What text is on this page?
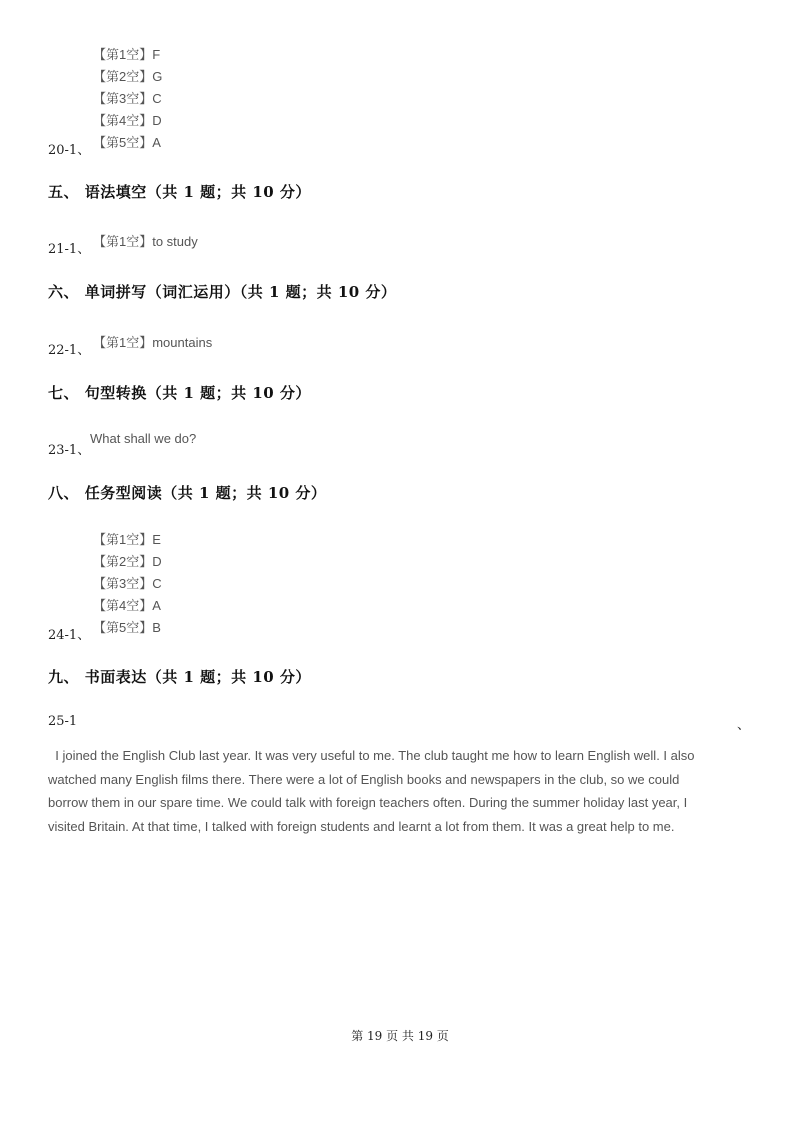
【第1空】F
【第2空】G
【第3空】C
【第4空】D
20-1、
【第5空】A
五、 语法填空（共 1 题；共 10 分）
21-1、
【第1空】to study
六、 单词拼写（词汇运用）（共 1 题；共 10 分）
22-1、
【第1空】mountains
七、 句型转换（共 1 题；共 10 分）
23-1、
What shall we do?
八、 任务型阅读（共 1 题；共 10 分）
【第1空】E
【第2空】D
【第3空】C
【第4空】A
24-1、
【第5空】B
九、 书面表达（共 1 题；共 10 分）
25-1	、
I joined the English Club last year. It was very useful to me. The club taught me how to learn English well. I also
watched many English films there. There were a lot of English books and newspapers in the club, so we could
borrow them in our spare time. We could talk with foreign teachers often. During the summer holiday last year, I
visited Britain. At that time, I talked with foreign students and learnt a lot from them. It was a great help to me.
第 19 页 共 19 页
